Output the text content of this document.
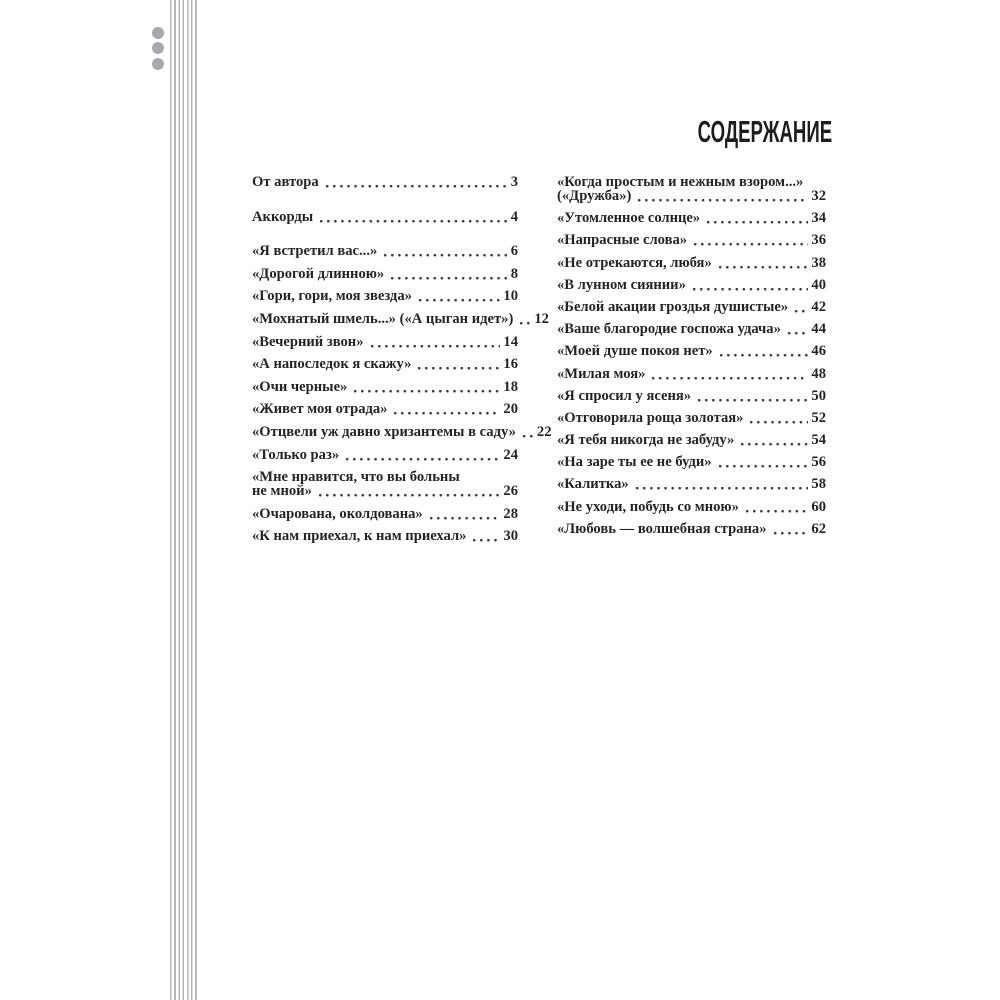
СОДЕРЖАНИЕ
От автора	3
Аккорды	4
«Я встретил вас...»	6
«Дорогой длинною»	8
«Гори, гори, моя звезда»	10
«Мохнатый шмель...» («А цыган идет») 12
«Вечерний звон»	14
«А напоследок я скажу»	16
«Очи черные»	18
«Живет моя отрада»	20
«Отцвели уж давно хризантемы в саду» 22
«Только раз»	24
«Мне нравится, что вы больны
не мной»	26
«Очарована, околдована»	28
«К нам приехал, к нам приехал»	30
«Когда простым и нежным взором...»
(«Дружба»)	32
«Утомленное солнце»	34
«Напрасные слова»	36
«Не отрекаются, любя»	38
«В лунном сиянии»	40
«Белой акации гроздья душистые» 42
«Ваше благородие госпожа удача» 44
«Моей душе покоя нет»	46
«Милая моя»	48
«Я спросил у ясеня»	50
«Отговорила роща золотая»	52
«Я тебя никогда не забуду»	54
«На заре ты ее не буди»	56
«Калитка»	58
«Не уходи, побудь со мною»	60
«Любовь — волшебная страна»	62
